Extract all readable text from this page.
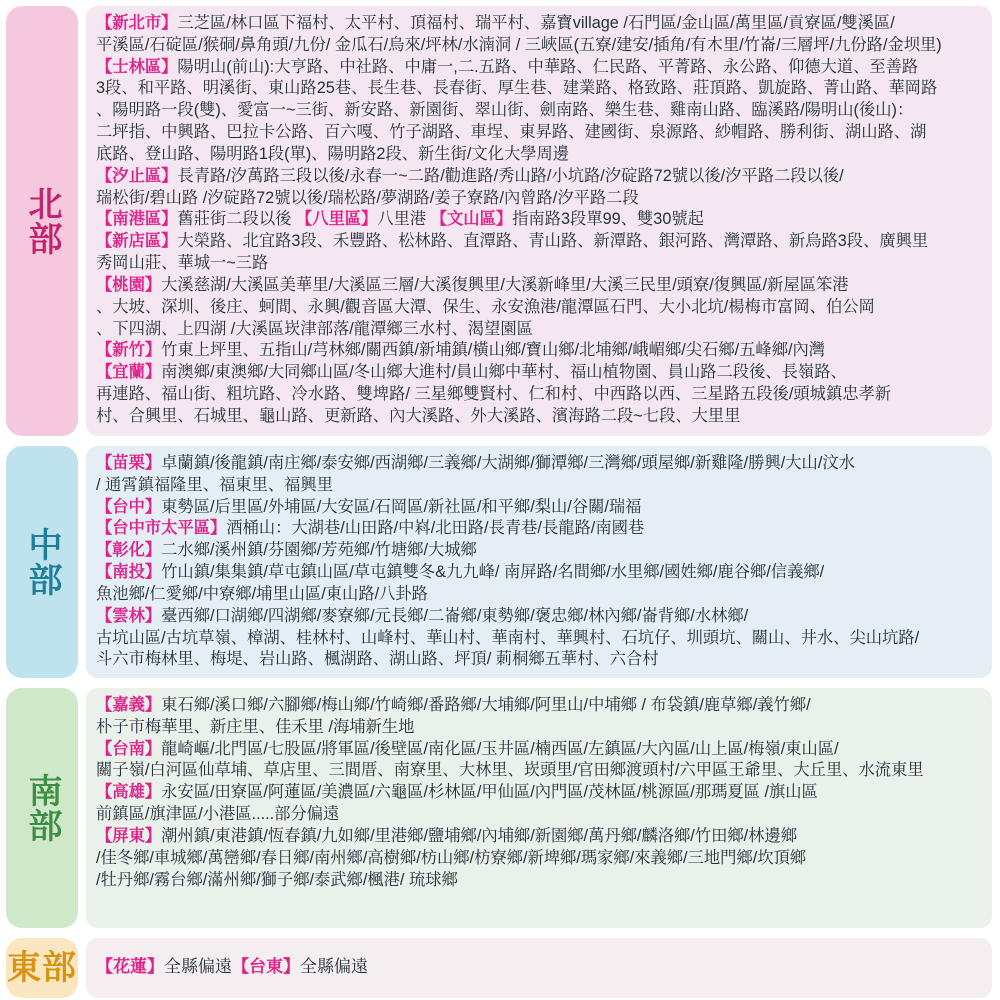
北部
【新北市】三芝區/林口區下福村、太平村、頂福村、瑞平村、嘉寶village /石門區/金山區/萬里區/貢寮區/雙溪區/
平溪區/石碇區/猴硐/鼻角頭/九份/ 金瓜石/烏來/坪林/水湳洞 / 三峽區(五寮/建安/插角/有木里/竹崙/三層坪/九份路/金坝里)
【士林區】陽明山(前山):大亨路、中社路、中庸一,二.五路、中華路、仁民路、平菁路、永公路、仰德大道、至善路
3段、和平路、明溪街、東山路25巷、長生巷、長春街、厚生巷、建業路、格致路、莊頂路、凱旋路、菁山路、華岡路
、陽明路一段(雙)、愛富一~三街、新安路、新園街、翠山街、劍南路、樂生巷、雞南山路、臨溪路/陽明山(後山)：
二坪指、中興路、巴拉卡公路、百六嘎、竹子湖路、車埕、東昇路、建國街、泉源路、紗帽路、勝利街、湖山路、湖
底路、登山路、陽明路1段(單)、陽明路2段、新生街/文化大學周邊
【汐止區】長青路/汐萬路三段以後/永春一~二路/勸進路/秀山路/小坑路/汐碇路72號以後/汐平路二段以後/
瑞松街/碧山路 /汐碇路72號以後/瑞松路/夢湖路/姜子寮路/內曾路/汐平路二段
【南港區】舊莊街二段以後 【八里區】八里港 【文山區】指南路3段單99、雙30號起
【新店區】大榮路、北宜路3段、禾豐路、松林路、直潭路、青山路、新潭路、銀河路、灣潭路、新烏路3段、廣興里
秀岡山莊、華城一~三路
【桃園】大溪慈湖/大溪區美華里/大溪區三層/大溪復興里/大溪新峰里/大溪三民里/頭寮/復興區/新屋區笨港
、大坡、深圳、後庄、蚵間、永興/觀音區大潭、保生、永安漁港/龍潭區石門、大小北坑/楊梅市富岡、伯公岡
、下四湖、上四湖 /大溪區崁津部落/龍潭鄉三水村、渴望園區
【新竹】竹東上坪里、五指山/芎林鄉/關西鎮/新埔鎮/橫山鄉/寶山鄉/北埔鄉/峨嵋鄉/尖石鄉/五峰鄉/內灣
【宜蘭】南澳鄉/東澳鄉/大同鄉山區/冬山鄉大進村/員山鄉中華村、福山植物園、員山路二段後、長嶺路、
再連路、福山街、粗坑路、冷水路、雙埤路/ 三星鄉雙賢村、仁和村、中西路以西、三星路五段後/頭城鎮忠孝新
村、合興里、石城里、龜山路、更新路、內大溪路、外大溪路、濱海路二段~七段、大里里
中部
【苗栗】卓蘭鎮/後龍鎮/南庄鄉/泰安鄉/西湖鄉/三義鄉/大湖鄉/獅潭鄉/三灣鄉/頭屋鄉/新雞隆/勝興/大山/汶水
/ 通霄鎮福隆里、福東里、福興里
【台中】東勢區/后里區/外埔區/大安區/石岡區/新社區/和平鄉/梨山/谷關/瑞福
【台中市太平區】酒桶山：大湖巷/山田路/中嵙/北田路/長青巷/長龍路/南國巷
【彰化】二水鄉/溪州鎮/芬園鄉/芳苑鄉/竹塘鄉/大城鄉
【南投】竹山鎮/集集鎮/草屯鎮山區/草屯鎮雙冬&九九峰/ 南屏路/名間鄉/水里鄉/國姓鄉/鹿谷鄉/信義鄉/
魚池鄉/仁愛鄉/中寮鄉/埔里山區/東山路/八卦路
【雲林】臺西鄉/口湖鄉/四湖鄉/麥寮鄉/元長鄉/二崙鄉/東勢鄉/褒忠鄉/林內鄉/崙背鄉/水林鄉/
古坑山區/古坑草嶺、樟湖、桂林村、山峰村、華山村、華南村、華興村、石坑仔、圳頭坑、關山、井水、尖山坑路/
斗六市梅林里、梅堤、岩山路、楓湖路、湖山路、坪頂/ 莿桐鄉五華村、六合村
南部
【嘉義】東石鄉/溪口鄉/六腳鄉/梅山鄉/竹崎鄉/番路鄉/大埔鄉/阿里山/中埔鄉 / 布袋鎮/鹿草鄉/義竹鄉/
朴子市梅華里、新庄里、佳禾里 /海埔新生地
【台南】龍崎嶇/北門區/七股區/將軍區/後壁區/南化區/玉井區/楠西區/左鎮區/大內區/山上區/梅嶺/東山區/
關子嶺/白河區仙草埔、草店里、三間厝、南寮里、大林里、崁頭里/官田鄉渡頭村/六甲區王爺里、大丘里、水流東里
【高雄】永安區/田寮區/阿蓮區/美濃區/六龜區/杉林區/甲仙區/內門區/茂林區/桃源區/那瑪夏區 /旗山區
前鎮區/旗津區/小港區.....部分偏遠
【屏東】潮州鎮/東港鎮/恆春鎮/九如鄉/里港鄉/鹽埔鄉/內埔鄉/新園鄉/萬丹鄉/麟洛鄉/竹田鄉/林邊鄉
/佳冬鄉/車城鄉/萬巒鄉/春日鄉/南州鄉/高樹鄉/枋山鄉/枋寮鄉/新埤鄉/瑪家鄉/來義鄉/三地門鄉/坎頂鄉
/牡丹鄉/霧台鄉/滿州鄉/獅子鄉/泰武鄉/楓港/ 琉球鄉
東部 【花蓮】全縣偏遠【台東】全縣偏遠
